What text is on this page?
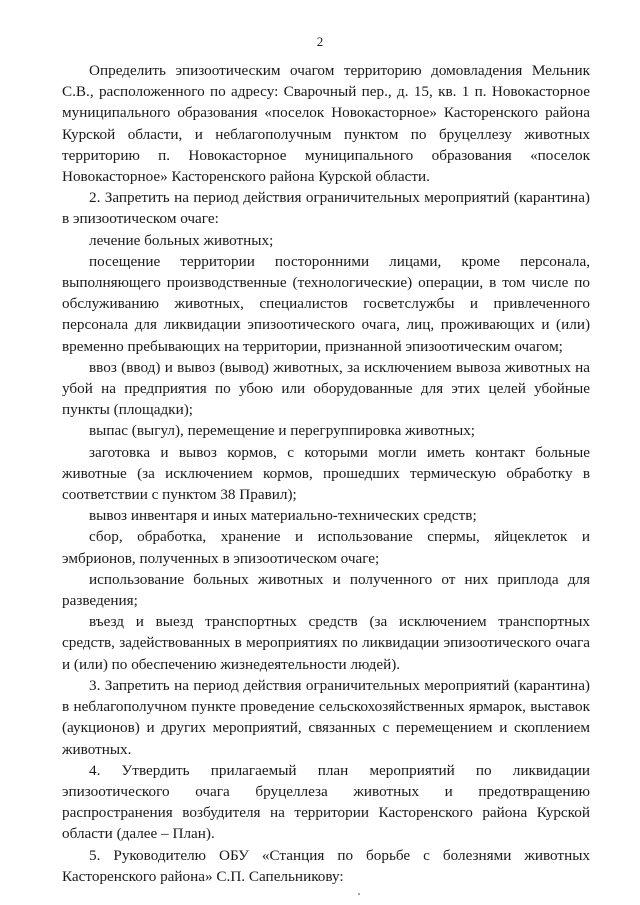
2

Определить эпизоотическим очагом территорию домовладения Мельник С.В., расположенного по адресу: Сварочный пер., д. 15, кв. 1 п. Новокасторное муниципального образования «поселок Новокасторное» Касторенского района Курской области, и неблагополучным пунктом по бруцеллезу животных территорию п. Новокасторное муниципального образования «поселок Новокасторное» Касторенского района Курской области.

2. Запретить на период действия ограничительных мероприятий (карантина) в эпизоотическом очаге:

лечение больных животных;

посещение территории посторонними лицами, кроме персонала, выполняющего производственные (технологические) операции, в том числе по обслуживанию животных, специалистов госветслужбы и привлеченного персонала для ликвидации эпизоотического очага, лиц, проживающих и (или) временно пребывающих на территории, признанной эпизоотическим очагом;

ввоз (ввод) и вывоз (вывод) животных, за исключением вывоза животных на убой на предприятия по убою или оборудованные для этих целей убойные пункты (площадки);

выпас (выгул), перемещение и перегруппировка животных;

заготовка и вывоз кормов, с которыми могли иметь контакт больные животные (за исключением кормов, прошедших термическую обработку в соответствии с пунктом 38 Правил);

вывоз инвентаря и иных материально-технических средств;

сбор, обработка, хранение и использование спермы, яйцеклеток и эмбрионов, полученных в эпизоотическом очаге;

использование больных животных и полученного от них приплода для разведения;

въезд и выезд транспортных средств (за исключением транспортных средств, задействованных в мероприятиях по ликвидации эпизоотического очага и (или) по обеспечению жизнедеятельности людей).

3. Запретить на период действия ограничительных мероприятий (карантина) в неблагополучном пункте проведение сельскохозяйственных ярмарок, выставок (аукционов) и других мероприятий, связанных с перемещением и скоплением животных.

4. Утвердить прилагаемый план мероприятий по ликвидации эпизоотического очага бруцеллеза животных и предотвращению распространения возбудителя на территории Касторенского района Курской области (далее – План).

5. Руководителю ОБУ «Станция по борьбе с болезнями животных Касторенского района» С.П. Сапельникову:
